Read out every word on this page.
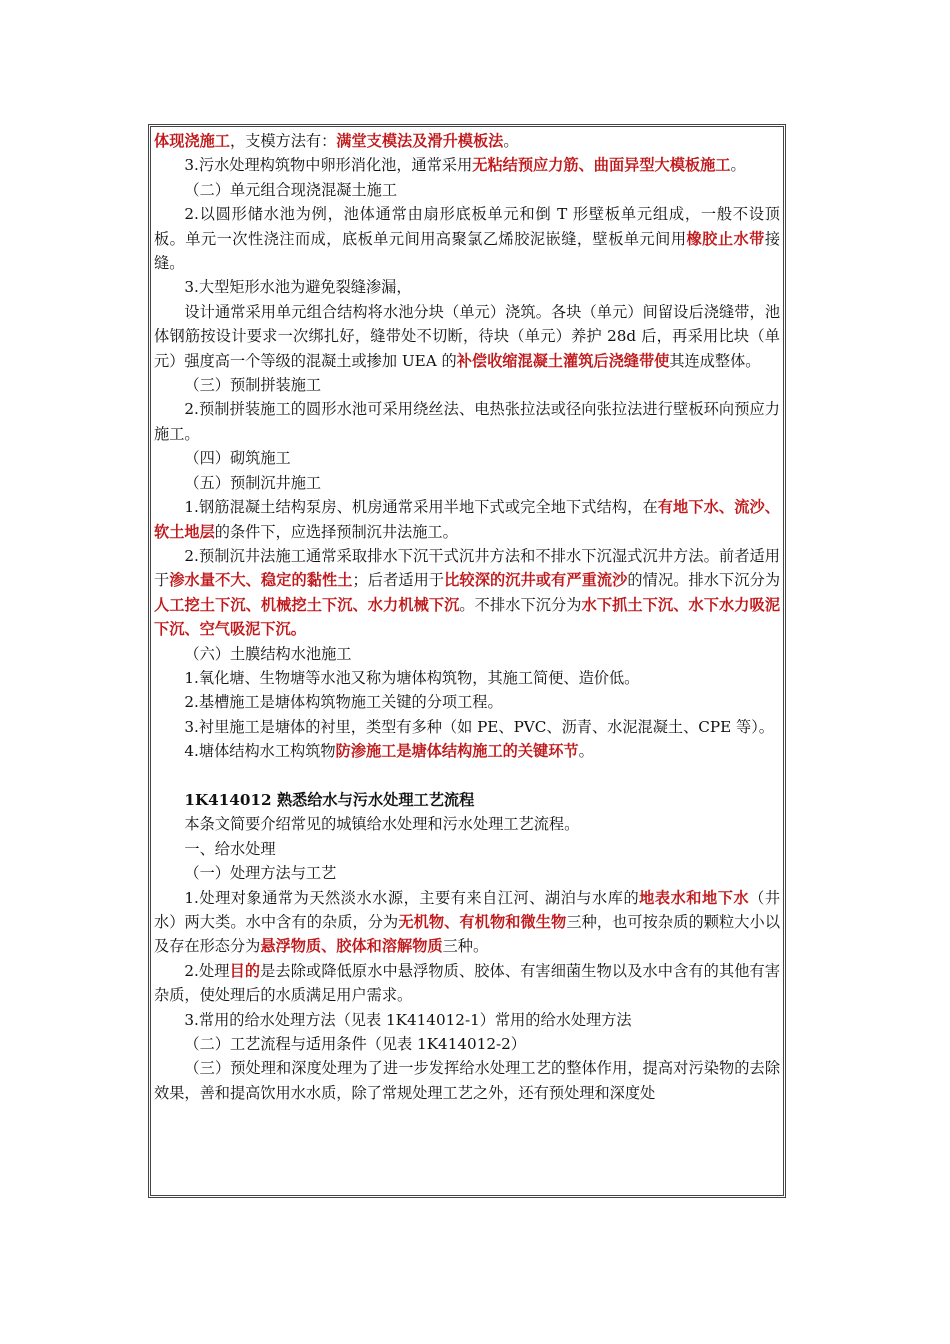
体现浇施工，支模方法有：满堂支模法及滑升模板法。

3.污水处理构筑物中卵形消化池，通常采用无粘结预应力筋、曲面异型大模板施工。

（二）单元组合现浇混凝土施工

2.以圆形储水池为例，池体通常由扇形底板单元和倒 T 形壁板单元组成，一般不设顶板。单元一次性浇注而成，底板单元间用高聚氯乙烯胶泥嵌缝，壁板单元间用橡胶止水带接缝。

3.大型矩形水池为避免裂缝渗漏，

设计通常采用单元组合结构将水池分块（单元）浇筑。各块（单元）间留设后浇缝带，池体钢筋按设计要求一次绑扎好，缝带处不切断，待块（单元）养护 28d 后，再采用比块（单元）强度高一个等级的混凝土或掺加 UEA 的补偿收缩混凝土灌筑后浇缝带使其连成整体。

（三）预制拼装施工

2.预制拼装施工的圆形水池可采用绕丝法、电热张拉法或径向张拉法进行壁板环向预应力施工。

（四）砌筑施工

（五）预制沉井施工

1.钢筋混凝土结构泵房、机房通常采用半地下式或完全地下式结构，在有地下水、流沙、软土地层的条件下，应选择预制沉井法施工。

2.预制沉井法施工通常采取排水下沉干式沉井方法和不排水下沉湿式沉井方法。前者适用于渗水量不大、稳定的黏性土；后者适用于比较深的沉井或有严重流沙的情况。排水下沉分为人工挖土下沉、机械挖土下沉、水力机械下沉。不排水下沉分为水下抓土下沉、水下水力吸泥下沉、空气吸泥下沉。

（六）土膜结构水池施工

1.氧化塘、生物塘等水池又称为塘体构筑物，其施工简便、造价低。

2.基槽施工是塘体构筑物施工关键的分项工程。

3.衬里施工是塘体的衬里，类型有多种（如 PE、PVC、沥青、水泥混凝土、CPE 等）。

4.塘体结构水工构筑物防渗施工是塘体结构施工的关键环节。

1K414012 熟悉给水与污水处理工艺流程

本条文简要介绍常见的城镇给水处理和污水处理工艺流程。

一、给水处理

（一）处理方法与工艺

1.处理对象通常为天然淡水水源，主要有来自江河、湖泊与水库的地表水和地下水（井水）两大类。水中含有的杂质，分为无机物、有机物和微生物三种，也可按杂质的颗粒大小以及存在形态分为悬浮物质、胶体和溶解物质三种。

2.处理目的是去除或降低原水中悬浮物质、胶体、有害细菌生物以及水中含有的其他有害杂质，使处理后的水质满足用户需求。

3.常用的给水处理方法（见表 1K414012-1）常用的给水处理方法

（二）工艺流程与适用条件（见表 1K414012-2）

（三）预处理和深度处理为了进一步发挥给水处理工艺的整体作用，提高对污染物的去除效果，善和提高饮用水水质，除了常规处理工艺之外，还有预处理和深度处
